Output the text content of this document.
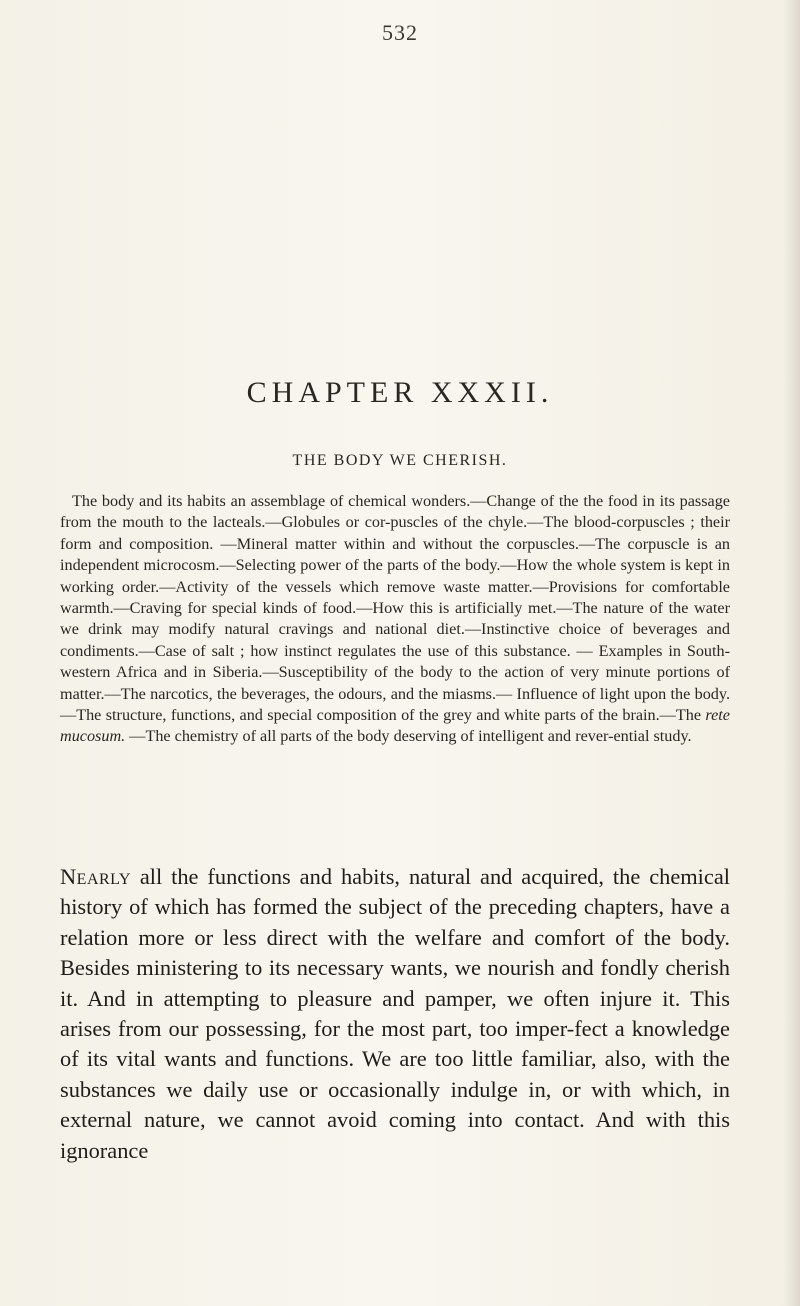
532
CHAPTER XXXII.
THE BODY WE CHERISH.

The body and its habits an assemblage of chemical wonders.—Change of the the food in its passage from the mouth to the lacteals.—Globules or cor-puscles of the chyle.—The blood-corpuscles ; their form and composition. —Mineral matter within and without the corpuscles.—The corpuscle is an independent microcosm.—Selecting power of the parts of the body.—How the whole system is kept in working order.—Activity of the vessels which remove waste matter.—Provisions for comfortable warmth.—Craving for special kinds of food.—How this is artificially met.—The nature of the water we drink may modify natural cravings and national diet.—Instinctive choice of beverages and condiments.—Case of salt ; how instinct regulates the use of this substance. — Examples in South-western Africa and in Siberia.—Susceptibility of the body to the action of very minute portions of matter.—The narcotics, the beverages, the odours, and the miasms.— Influence of light upon the body.—The structure, functions, and special composition of the grey and white parts of the brain.—The rete mucosum. —The chemistry of all parts of the body deserving of intelligent and rever-ential study.

Nearly all the functions and habits, natural and acquired, the chemical history of which has formed the subject of the preceding chapters, have a relation more or less direct with the welfare and comfort of the body. Besides ministering to its necessary wants, we nourish and fondly cherish it. And in attempting to pleasure and pamper, we often injure it. This arises from our possessing, for the most part, too imper-fect a knowledge of its vital wants and functions. We are too little familiar, also, with the substances we daily use or occasionally indulge in, or with which, in external nature, we cannot avoid coming into contact. And with this ignorance
